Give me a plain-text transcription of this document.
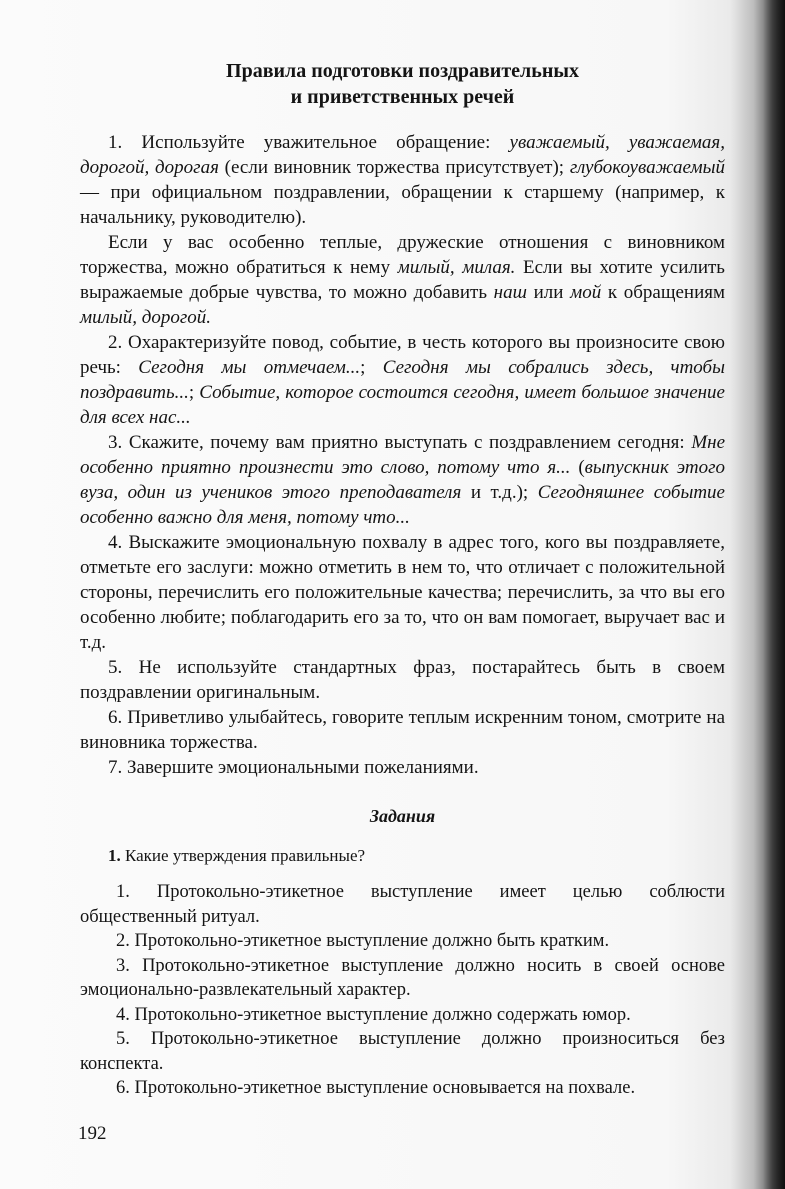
Правила подготовки поздравительных
и приветственных речей

1. Используйте уважительное обращение: уважаемый, уважаемая, дорогой, дорогая (если виновник торжества присутствует); глубокоуважаемый — при официальном поздравлении, обращении к старшему (например, к начальнику, руководителю).

Если у вас особенно теплые, дружеские отношения с виновником торжества, можно обратиться к нему милый, милая. Если вы хотите усилить выражаемые добрые чувства, то можно добавить наш или мой к обращениям милый, дорогой.

2. Охарактеризуйте повод, событие, в честь которого вы произносите свою речь: Сегодня мы отмечаем...; Сегодня мы собрались здесь, чтобы поздравить...; Событие, которое состоится сегодня, имеет большое значение для всех нас...

3. Скажите, почему вам приятно выступать с поздравлением сегодня: Мне особенно приятно произнести это слово, потому что я... (выпускник этого вуза, один из учеников этого преподавателя и т.д.); Сегодняшнее событие особенно важно для меня, потому что...

4. Выскажите эмоциональную похвалу в адрес того, кого вы поздравляете, отметьте его заслуги: можно отметить в нем то, что отличает с положительной стороны, перечислить его положительные качества; перечислить, за что вы его особенно любите; поблагодарить его за то, что он вам помогает, выручает вас и т.д.

5. Не используйте стандартных фраз, постарайтесь быть в своем поздравлении оригинальным.

6. Приветливо улыбайтесь, говорите теплым искренним тоном, смотрите на виновника торжества.

7. Завершите эмоциональными пожеланиями.

Задания

1. Какие утверждения правильные?

1. Протокольно-этикетное выступление имеет целью соблюсти общественный ритуал.

2. Протокольно-этикетное выступление должно быть кратким.

3. Протокольно-этикетное выступление должно носить в своей основе эмоционально-развлекательный характер.

4. Протокольно-этикетное выступление должно содержать юмор.

5. Протокольно-этикетное выступление должно произноситься без конспекта.

6. Протокольно-этикетное выступление основывается на похвале.

192
